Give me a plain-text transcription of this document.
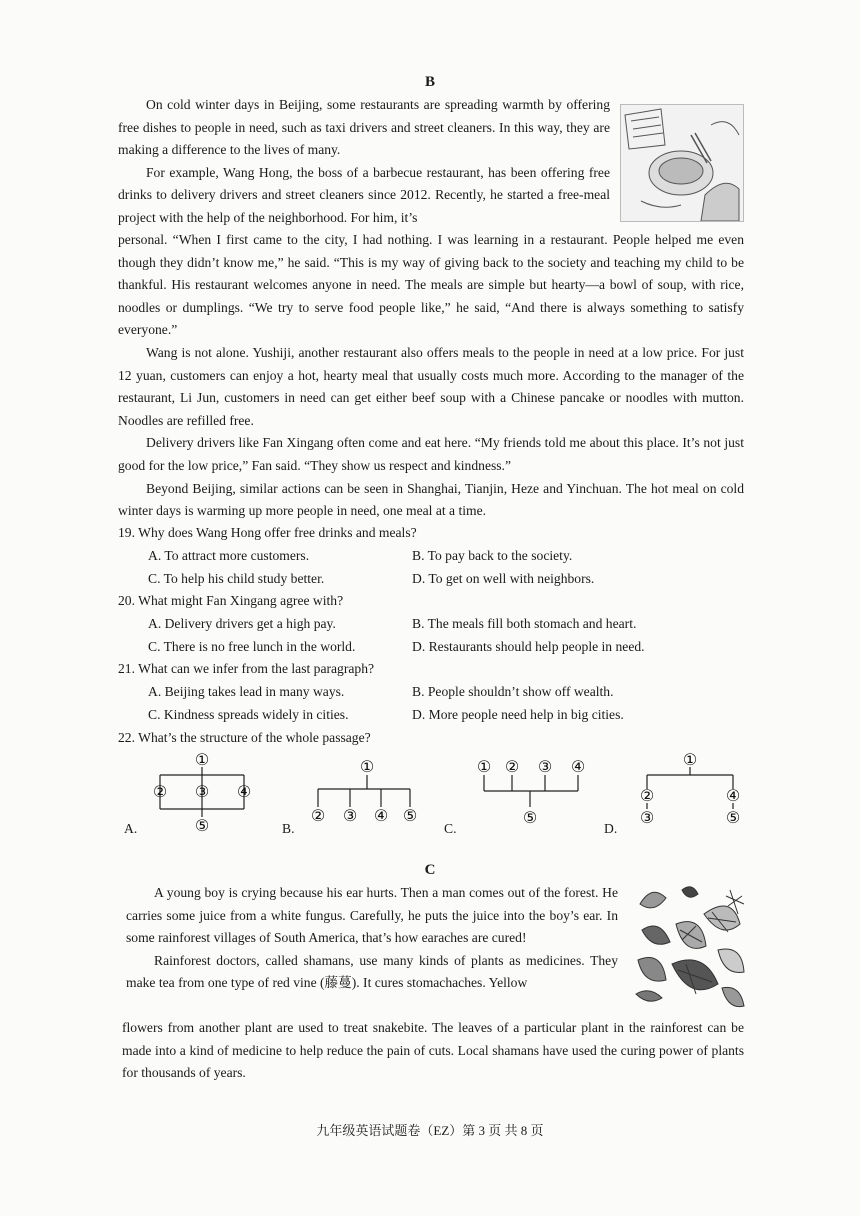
B

On cold winter days in Beijing, some restaurants are spreading warmth by offering free dishes to people in need, such as taxi drivers and street cleaners. In this way, they are making a difference to the lives of many.

For example, Wang Hong, the boss of a barbecue restaurant, has been offering free drinks to delivery drivers and street cleaners since 2012. Recently, he started a free-meal project with the help of the neighborhood. For him, it’s

personal. “When I first came to the city, I had nothing. I was learning in a restaurant. People helped me even though they didn’t know me,” he said. “This is my way of giving back to the society and teaching my child to be thankful. His restaurant welcomes anyone in need. The meals are simple but hearty—a bowl of soup, with rice, noodles or dumplings. “We try to serve food people like,” he said, “And there is always something to satisfy everyone.”

Wang is not alone. Yushiji, another restaurant also offers meals to the people in need at a low price. For just 12 yuan, customers can enjoy a hot, hearty meal that usually costs much more. According to the manager of the restaurant, Li Jun, customers in need can get either beef soup with a Chinese pancake or noodles with mutton. Noodles are refilled free.

Delivery drivers like Fan Xingang often come and eat here. “My friends told me about this place. It’s not just good for the low price,” Fan said. “They show us respect and kindness.”

Beyond Beijing, similar actions can be seen in Shanghai, Tianjin, Heze and Yinchuan. The hot meal on cold winter days is warming up more people in need, one meal at a time.

19. Why does Wang Hong offer free drinks and meals?
A. To attract more customers.	B. To pay back to the society.
C. To help his child study better.	D. To get on well with neighbors.
20. What might Fan Xingang agree with?
A. Delivery drivers get a high pay.	B. The meals fill both stomach and heart.
C. There is no free lunch in the world.	D. Restaurants should help people in need.
21. What can we infer from the last paragraph?
A. Beijing takes lead in many ways.	B. People shouldn’t show off wealth.
C. Kindness spreads widely in cities.	D. More people need help in big cities.
22. What’s the structure of the whole passage?
A.	B.	C.	D.
①
② ③ ④
⑤
①
② ③ ④ ⑤
① ② ③ ④
⑤
①
②
③
④
⑤
C

A young boy is crying because his ear hurts. Then a man comes out of the forest. He carries some juice from a white fungus. Carefully, he puts the juice into the boy’s ear. In some rainforest villages of South America, that’s how earaches are cured!

Rainforest doctors, called shamans, use many kinds of plants as medicines. They make tea from one type of red vine (藤蔓). It cures stomachaches. Yellow

flowers from another plant are used to treat snakebite. The leaves of a particular plant in the rainforest can be made into a kind of medicine to help reduce the pain of cuts. Local shamans have used the curing power of plants for thousands of years.

九年级英语试题卷（EZ）第 3 页 共 8 页
